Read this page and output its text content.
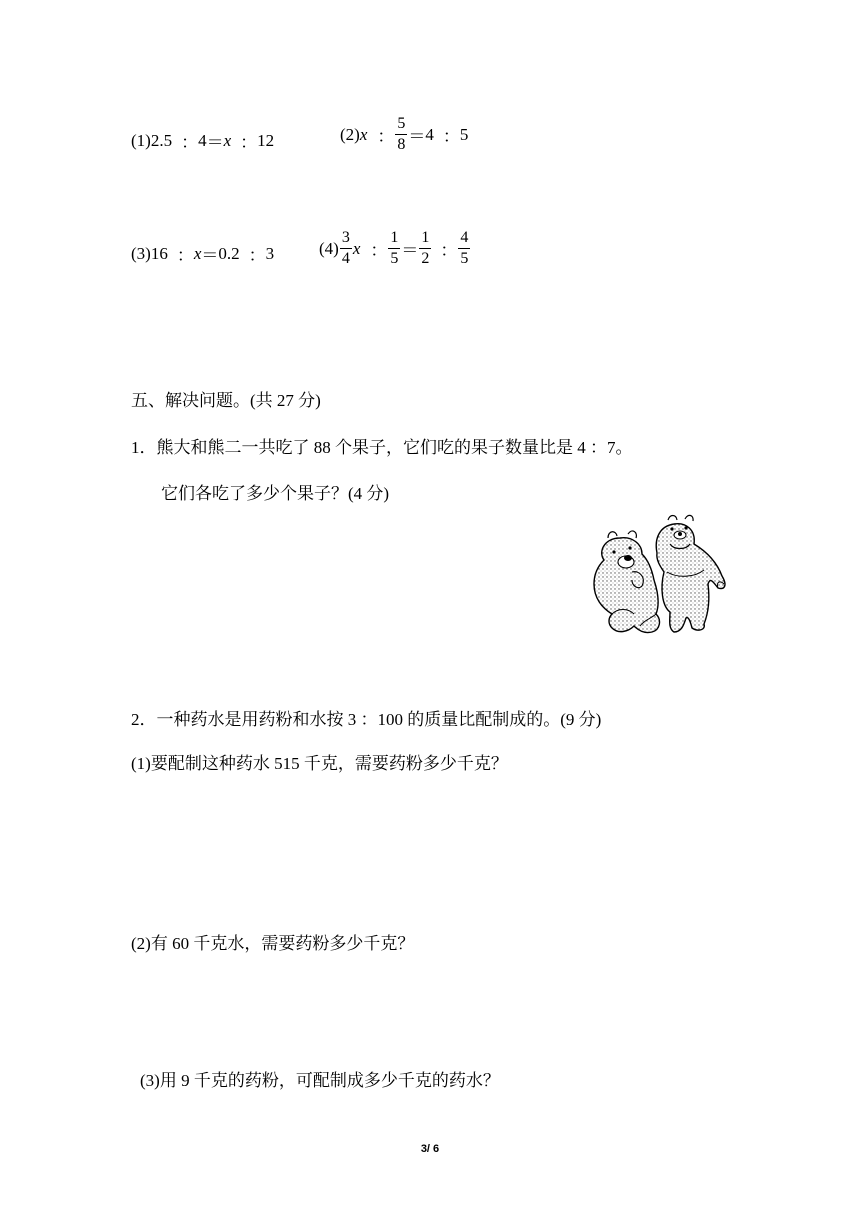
(1) 2.5 ： 4 ＝ x ： 12	(2) x ： $\frac{5}{8} = 4$ ： 5
(3) 16 ： x ＝ 0.2 ： 3	$(4) \frac{3}{4}$ x ： $\frac{1}{5} = \frac{1}{2}$ ： $\frac{4}{5}$
五、解决问题。(共 27 分)
1．熊大和熊二一共吃了 88 个果子，它们吃的果子数量比是 4 ：7。
它们各吃了多少个果子？(4 分)
2．一种药水是用药粉和水按 3 ：100 的质量比配制成的。(9 分)
(1)要配制这种药水 515 千克，需要药粉多少千克？
(2)有 60 千克水，需要药粉多少千克？
(3)用 9 千克的药粉，可配制成多少千克的药水？
3/ 6
